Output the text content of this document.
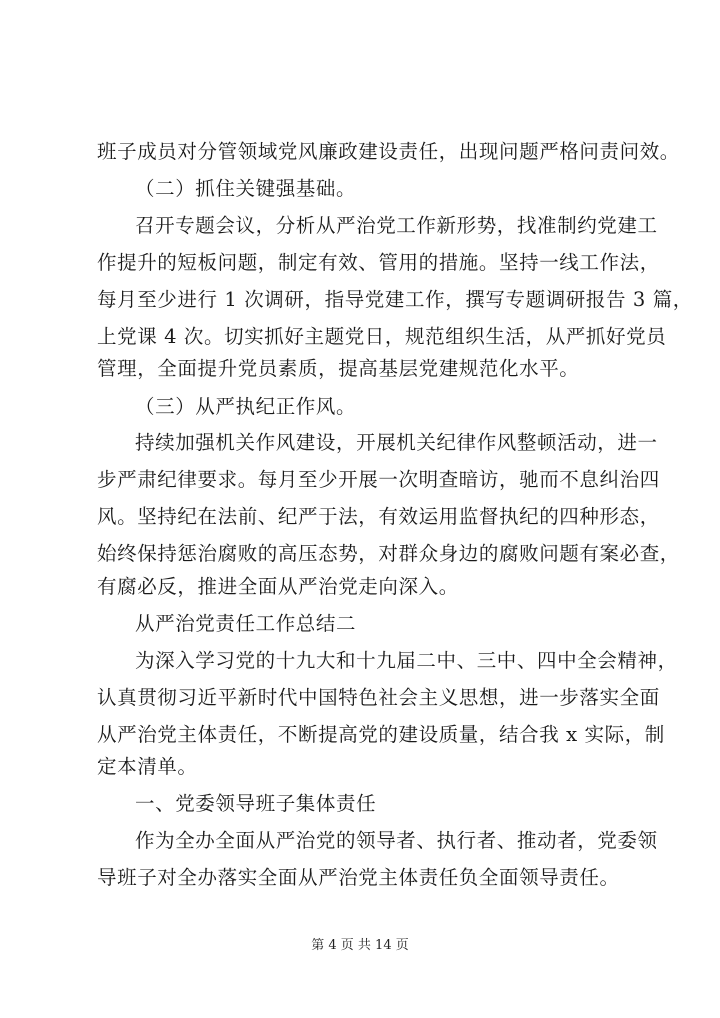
班子成员对分管领域党风廉政建设责任，出现问题严格问责问效。
（二）抓住关键强基础。
召开专题会议，分析从严治党工作新形势，找准制约党建工
作提升的短板问题，制定有效、管用的措施。坚持一线工作法，
每月至少进行 1 次调研，指导党建工作，撰写专题调研报告 3 篇，
上党课 4 次。切实抓好主题党日，规范组织生活，从严抓好党员
管理，全面提升党员素质，提高基层党建规范化水平。
（三）从严执纪正作风。
持续加强机关作风建设，开展机关纪律作风整顿活动，进一
步严肃纪律要求。每月至少开展一次明查暗访，驰而不息纠治四
风。坚持纪在法前、纪严于法，有效运用监督执纪的四种形态，
始终保持惩治腐败的高压态势，对群众身边的腐败问题有案必查，
有腐必反，推进全面从严治党走向深入。
从严治党责任工作总结二
为深入学习党的十九大和十九届二中、三中、四中全会精神，
认真贯彻习近平新时代中国特色社会主义思想，进一步落实全面
从严治党主体责任，不断提高党的建设质量，结合我 x 实际，制
定本清单。
一、党委领导班子集体责任
作为全办全面从严治党的领导者、执行者、推动者，党委领
导班子对全办落实全面从严治党主体责任负全面领导责任。
第 4 页 共 14 页
